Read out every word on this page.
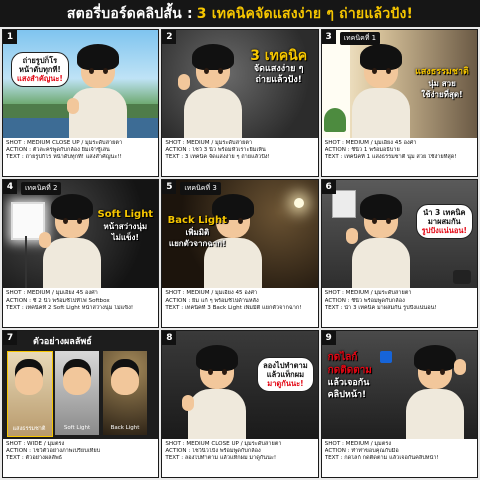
สตอรี่บอร์ดคลิปสั้น : 3 เทคนิคจัดแสงง่าย ๆ ถ่ายแล้วปัง!
1
ถ่ายรูปก็โร
หน้าดับทุกที!
แสงสำคัญนะ!
SHOT : MEDIUM CLOSE UP / มุมระดับสายตา
ACTION : ตัวละครพูดกับกล้อง ยิ้มเจ้าชู้เล่น
TEXT : ถ่ายรูปก็โร หน้าดับทุกที! แสงสำคัญนะ!!
2
3 เทคนิค
จัดแสงง่าย ๆ
ถ่ายแล้วปัง!
SHOT : MEDIUM / มุมระดับสายตา
ACTION : โชว์ 3 นิ้ว พร้อมหัวเราะยิ้มเห็น
TEXT : 3 เทคนิค จัดแสงง่าย ๆ ถ่ายแล้วปัง!
3	เทคนิคที่ 1
แสงธรรมชาติ
นุ่ม สวย
ใช้ง่ายที่สุด!
SHOT : MEDIUM / มุมเอียง 45 องศา
ACTION : ชี้นิ้ว 1 พร้อมอธิบาย
TEXT : เทคนิคที่ 1 แสงธรรมชาติ นุ่ม สวย ใช้ง่ายที่สุด!
4	เทคนิคที่ 2
Soft Light
หน้าสว่างนุ่ม
ไม่แข็ง!
SHOT : MEDIUM / มุมเอียง 45 องศา
ACTION : ชี้ 2 นิ้ว พร้อมชี้ไปที่ไฟ Softbox
TEXT : เทคนิคที่ 2 Soft Light หน้าสว่างนุ่ม ไม่แข็ง!
5	เทคนิคที่ 3
Back Light
เพิ่มมิติ
แยกตัวจากฉาก!
SHOT : MEDIUM / มุมเอียง 45 องศา
ACTION : ยิ้ม แก้ ๆ พร้อมชี้ไปด้านหลัง
TEXT : เทคนิคที่ 3 Back Light เพิ่มมิติ แยกตัวจากฉาก!
6
นำ 3 เทคนิค
มาผสมกัน
รูปปังแน่นอน!
SHOT : MEDIUM / มุมระดับสายตา
ACTION : ชี้นิ้ว พร้อมพูดกับกล้อง
TEXT : นำ 3 เทคนิค มาผสมกัน รูปปังแน่นอน!
7	ตัวอย่างผลลัพธ์
แสงธรรมชาติ	Soft Light	Back Light
SHOT : WIDE / มุมตรง
ACTION : โชว์ตัวอย่างภาพเปรียบเทียบ
TEXT : ตัวอย่างผลลัพธ์
8
ลองไปทำตาม
แล้วแท็กผม
มาดูกันนะ!
SHOT : MEDIUM CLOSE UP / มุมระดับสายตา
ACTION : ไชว์นิ้วโป้ง พร้อมพูดกับกล้อง
TEXT : ลองไปทำตาม แล้วแท็กผม มาดูกันนะ!
9
กดไลก์
กดติดตาม
แล้วเจอกัน
คลิปหน้า!
SHOT : MEDIUM / มุมตรง
ACTION : ทำท่าขอบคุณกับมือ
TEXT : กดไลก์ กดติดตาม แล้วเจอกันคลิปหน้า!
